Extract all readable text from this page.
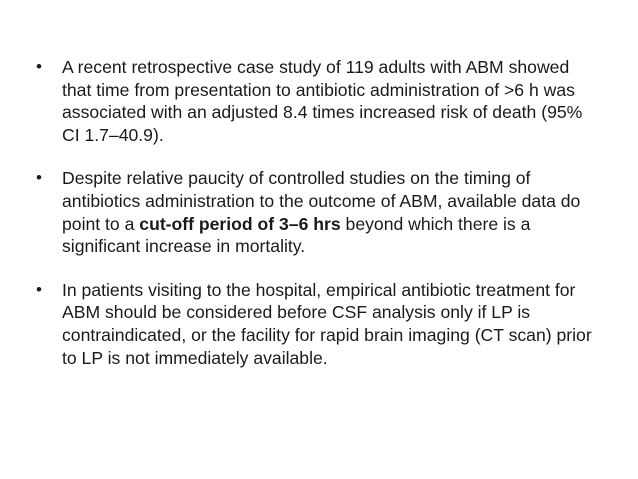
•	A recent retrospective case study of 119 adults with ABM showed that time from presentation to antibiotic administration of >6 h was associated with an adjusted 8.4 times increased risk of death (95% CI 1.7–40.9).
•	Despite relative paucity of controlled studies on the timing of antibiotics administration to the outcome of ABM, available data do point to a cut-off period of 3–6 hrs beyond which there is a significant increase in mortality.
•	In patients visiting to the hospital, empirical antibiotic treatment for ABM should be considered before CSF analysis only if LP is contraindicated, or the facility for rapid brain imaging (CT scan) prior to LP is not immediately available.
